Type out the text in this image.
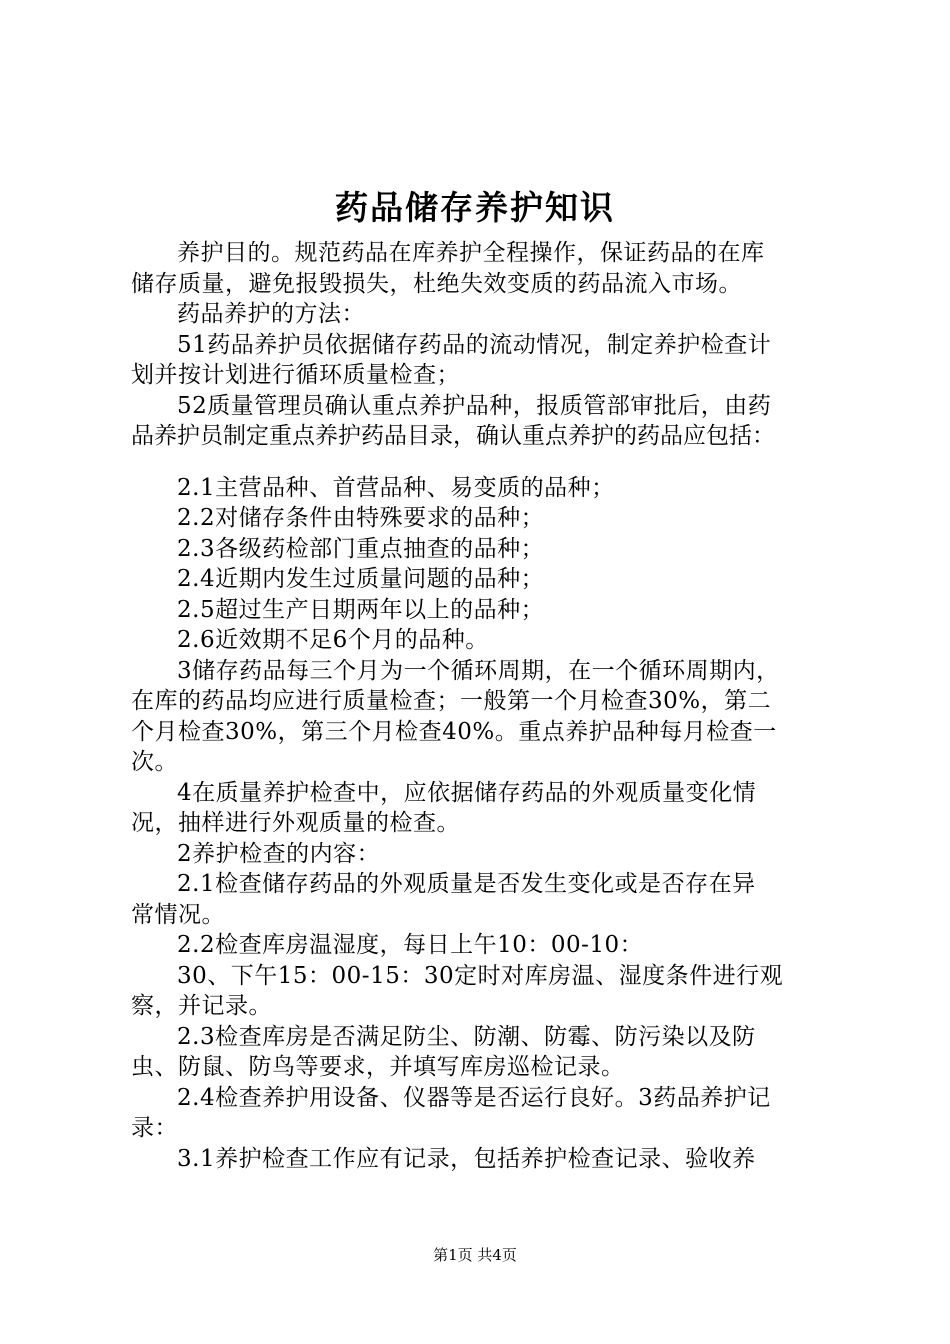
药品储存养护知识

养护目的。规范药品在库养护全程操作，保证药品的在库

储存质量，避免报毁损失，杜绝失效变质的药品流入市场。

药品养护的方法：

51药品养护员依据储存药品的流动情况，制定养护检查计

划并按计划进行循环质量检查；

52质量管理员确认重点养护品种，报质管部审批后，由药

品养护员制定重点养护药品目录，确认重点养护的药品应包括：

2.1主营品种、首营品种、易变质的品种；

2.2对储存条件由特殊要求的品种；

2.3各级药检部门重点抽查的品种；

2.4近期内发生过质量问题的品种；

2.5超过生产日期两年以上的品种；

2.6近效期不足6个月的品种。

3储存药品每三个月为一个循环周期，在一个循环周期内，

在库的药品均应进行质量检查；一般第一个月检查30%，第二

个月检查30%，第三个月检查40%。重点养护品种每月检查一

次。

4在质量养护检查中，应依据储存药品的外观质量变化情

况，抽样进行外观质量的检查。

2养护检查的内容：

2.1检查储存药品的外观质量是否发生变化或是否存在异

常情况。

2.2检查库房温湿度，每日上午10：00-10：

30、下午15：00-15：30定时对库房温、湿度条件进行观

察，并记录。

2.3检查库房是否满足防尘、防潮、防霉、防污染以及防

虫、防鼠、防鸟等要求，并填写库房巡检记录。

2.4检查养护用设备、仪器等是否运行良好。3药品养护记

录：

3.1养护检查工作应有记录，包括养护检查记录、验收养

第1页 共4页
